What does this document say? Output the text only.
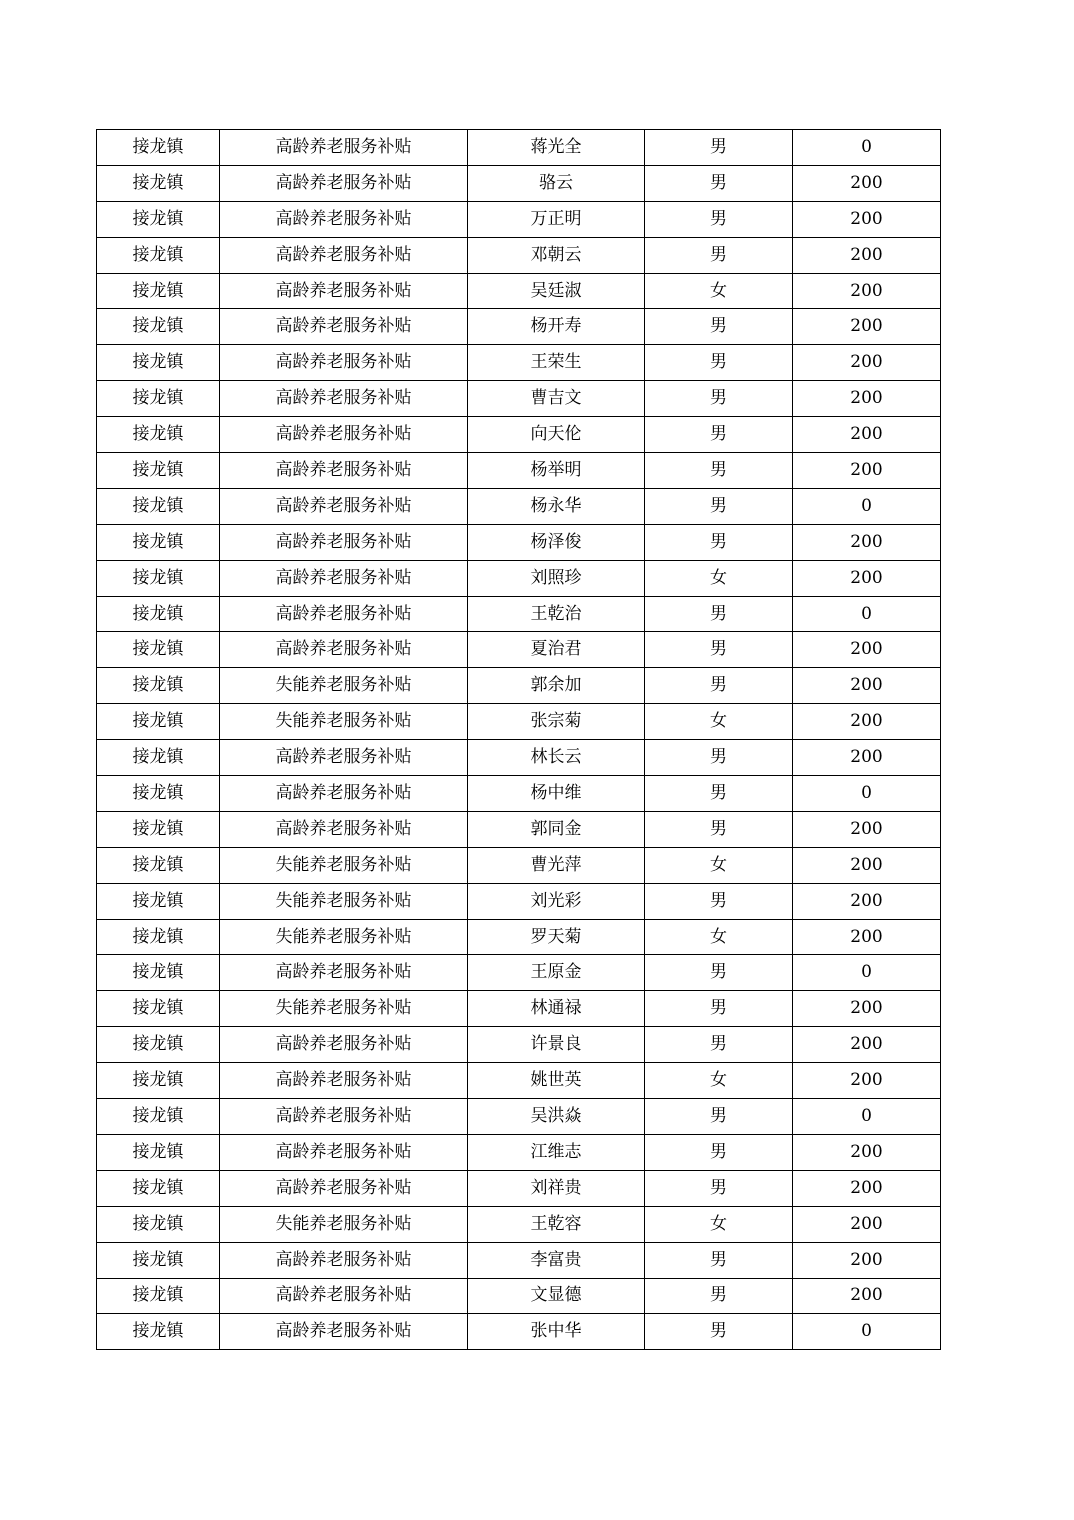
接龙镇	高龄养老服务补贴	蒋光全	男	0
接龙镇	高龄养老服务补贴	骆云	男	200
接龙镇	高龄养老服务补贴	万正明	男	200
接龙镇	高龄养老服务补贴	邓朝云	男	200
接龙镇	高龄养老服务补贴	吴廷淑	女	200
接龙镇	高龄养老服务补贴	杨开寿	男	200
接龙镇	高龄养老服务补贴	王荣生	男	200
接龙镇	高龄养老服务补贴	曹吉文	男	200
接龙镇	高龄养老服务补贴	向天伦	男	200
接龙镇	高龄养老服务补贴	杨举明	男	200
接龙镇	高龄养老服务补贴	杨永华	男	0
接龙镇	高龄养老服务补贴	杨泽俊	男	200
接龙镇	高龄养老服务补贴	刘照珍	女	200
接龙镇	高龄养老服务补贴	王乾治	男	0
接龙镇	高龄养老服务补贴	夏治君	男	200
接龙镇	失能养老服务补贴	郭余加	男	200
接龙镇	失能养老服务补贴	张宗菊	女	200
接龙镇	高龄养老服务补贴	林长云	男	200
接龙镇	高龄养老服务补贴	杨中维	男	0
接龙镇	高龄养老服务补贴	郭同金	男	200
接龙镇	失能养老服务补贴	曹光萍	女	200
接龙镇	失能养老服务补贴	刘光彩	男	200
接龙镇	失能养老服务补贴	罗天菊	女	200
接龙镇	高龄养老服务补贴	王原金	男	0
接龙镇	失能养老服务补贴	林通禄	男	200
接龙镇	高龄养老服务补贴	许景良	男	200
接龙镇	高龄养老服务补贴	姚世英	女	200
接龙镇	高龄养老服务补贴	吴洪焱	男	0
接龙镇	高龄养老服务补贴	江维志	男	200
接龙镇	高龄养老服务补贴	刘祥贵	男	200
接龙镇	失能养老服务补贴	王乾容	女	200
接龙镇	高龄养老服务补贴	李富贵	男	200
接龙镇	高龄养老服务补贴	文显德	男	200
接龙镇	高龄养老服务补贴	张中华	男	0
